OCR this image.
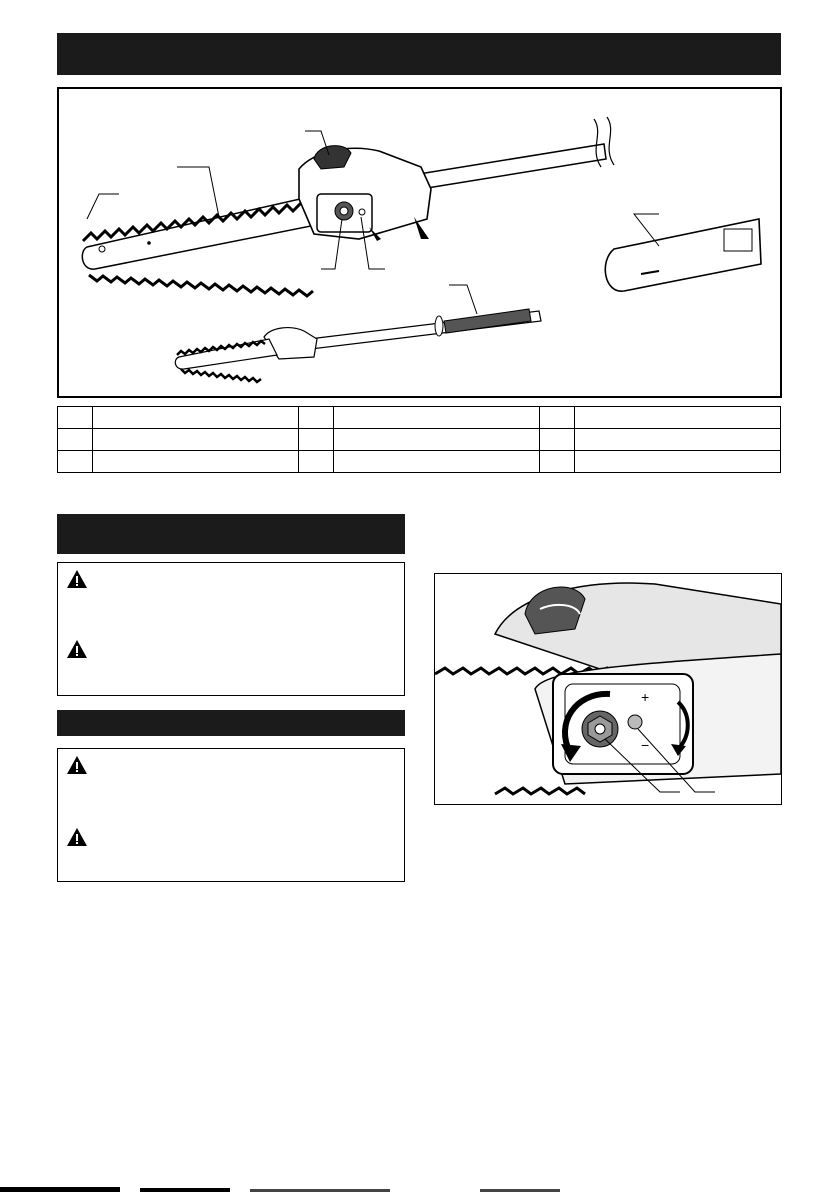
+
−
